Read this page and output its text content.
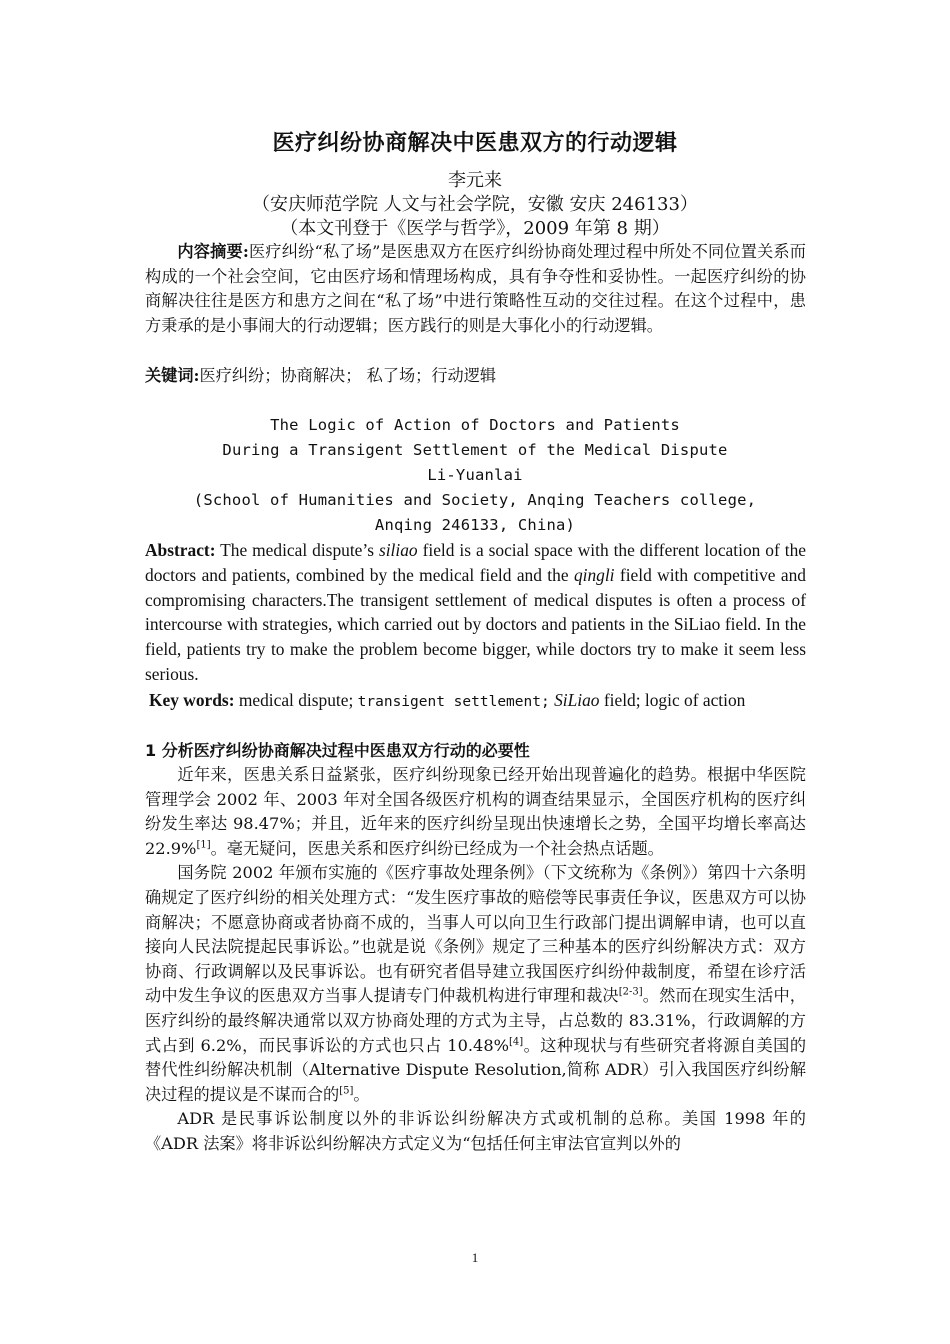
医疗纠纷协商解决中医患双方的行动逻辑
李元来
（安庆师范学院 人文与社会学院，安徽 安庆 246133）
（本文刊登于《医学与哲学》，2009 年第 8 期）

内容摘要:医疗纠纷“私了场”是医患双方在医疗纠纷协商处理过程中所处不同位置关系而构成的一个社会空间，它由医疗场和情理场构成，具有争夺性和妥协性。一起医疗纠纷的协商解决往往是医方和患方之间在“私了场”中进行策略性互动的交往过程。在这个过程中，患方秉承的是小事闹大的行动逻辑；医方践行的则是大事化小的行动逻辑。

关键词:医疗纠纷；协商解决； 私了场；行动逻辑

The Logic of Action of Doctors and Patients
During a Transigent Settlement of the Medical Dispute
Li-Yuanlai
(School of Humanities and Society, Anqing Teachers college,
Anqing 246133, China)

Abstract: The medical dispute’s siliao field is a social space with the different location of the doctors and patients, combined by the medical field and the qingli field with competitive and compromising characters.The transigent settlement of medical disputes is often a process of intercourse with strategies, which carried out by doctors and patients in the SiLiao field. In the field, patients try to make the problem become bigger, while doctors try to make it seem less serious.

Key words: medical dispute; transigent settlement; SiLiao field; logic of action

1 分析医疗纠纷协商解决过程中医患双方行动的必要性

近年来，医患关系日益紧张，医疗纠纷现象已经开始出现普遍化的趋势。根据中华医院管理学会 2002 年、2003 年对全国各级医疗机构的调查结果显示，全国医疗机构的医疗纠纷发生率达 98.47%；并且，近年来的医疗纠纷呈现出快速增长之势，全国平均增长率高达 22.9%[1]。毫无疑问，医患关系和医疗纠纷已经成为一个社会热点话题。

国务院 2002 年颁布实施的《医疗事故处理条例》（下文统称为《条例》）第四十六条明确规定了医疗纠纷的相关处理方式：“发生医疗事故的赔偿等民事责任争议，医患双方可以协商解决；不愿意协商或者协商不成的，当事人可以向卫生行政部门提出调解申请，也可以直接向人民法院提起民事诉讼。”也就是说《条例》规定了三种基本的医疗纠纷解决方式：双方协商、行政调解以及民事诉讼。也有研究者倡导建立我国医疗纠纷仲裁制度，希望在诊疗活动中发生争议的医患双方当事人提请专门仲裁机构进行审理和裁决[2-3]。然而在现实生活中，医疗纠纷的最终解决通常以双方协商处理的方式为主导，占总数的 83.31%，行政调解的方式占到 6.2%，而民事诉讼的方式也只占 10.48%[4]。这种现状与有些研究者将源自美国的替代性纠纷解决机制（Alternative Dispute Resolution,简称 ADR）引入我国医疗纠纷解决过程的提议是不谋而合的[5]。

ADR 是民事诉讼制度以外的非诉讼纠纷解决方式或机制的总称。美国 1998 年的《ADR 法案》将非诉讼纠纷解决方式定义为“包括任何主审法官宣判以外的

1
